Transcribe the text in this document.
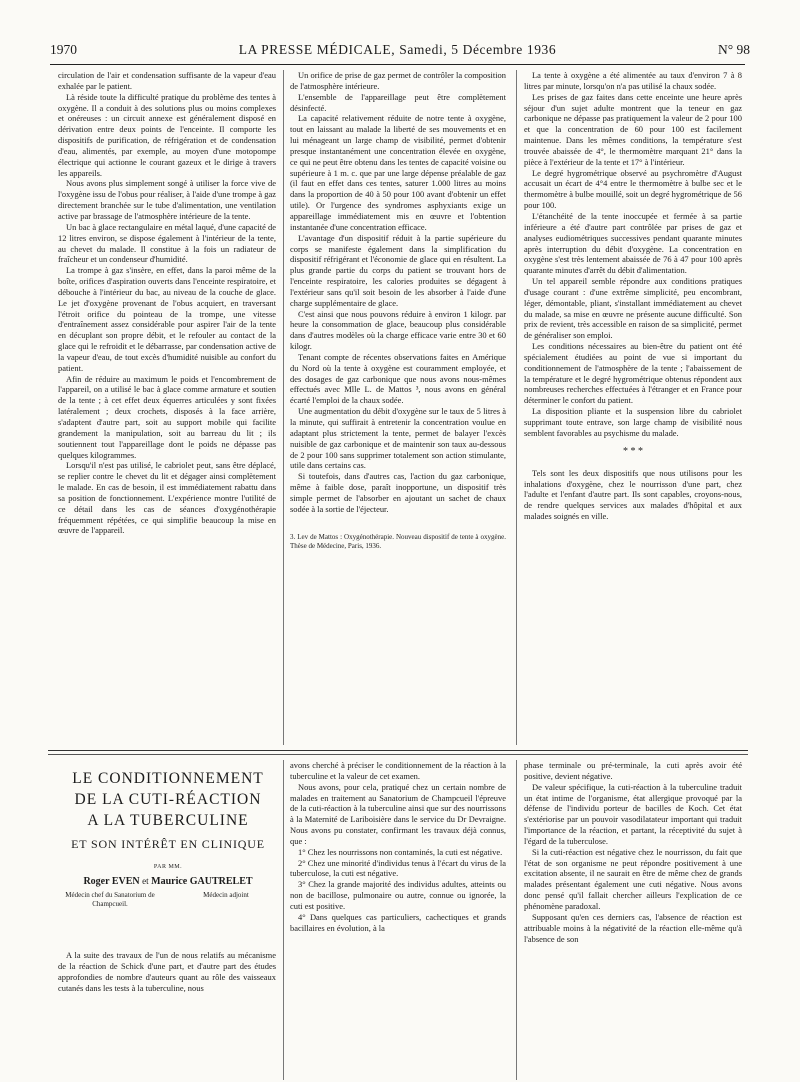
1970	LA PRESSE MÉDICALE, Samedi, 5 Décembre 1936	N° 98

circulation de l'air et condensation suffisante de la vapeur d'eau exhalée par le patient.

Là réside toute la difficulté pratique du problème des tentes à oxygène. Il a conduit à des solutions plus ou moins complexes et onéreuses : un circuit annexe est généralement disposé en dérivation entre deux points de l'enceinte. Il comporte les dispositifs de purification, de réfrigération et de condensation d'eau, alimentés, par exemple, au moyen d'une motopompe électrique qui actionne le courant gazeux et le dirige à travers les appareils.

Nous avons plus simplement songé à utiliser la force vive de l'oxygène issu de l'obus pour réaliser, à l'aide d'une trompe à gaz directement branchée sur le tube d'alimentation, une ventilation active par brassage de l'atmosphère intérieure de la tente.

Un bac à glace rectangulaire en métal laqué, d'une capacité de 12 litres environ, se dispose également à l'intérieur de la tente, au chevet du malade. Il constitue à la fois un radiateur de fraîcheur et un condenseur d'humidité.

La trompe à gaz s'insère, en effet, dans la paroi même de la boîte, orifices d'aspiration ouverts dans l'enceinte respiratoire, et débouche à l'intérieur du bac, au niveau de la couche de glace. Le jet d'oxygène provenant de l'obus acquiert, en traversant l'étroit orifice du pointeau de la trompe, une vitesse d'entraînement assez considérable pour aspirer l'air de la tente en décuplant son propre débit, et le refouler au contact de la glace qui le refroidit et le débarrasse, par condensation active de la vapeur d'eau, de tout excès d'humidité nuisible au confort du patient.

Afin de réduire au maximum le poids et l'encombrement de l'appareil, on a utilisé le bac à glace comme armature et soutien de la tente ; à cet effet deux équerres articulées y sont fixées latéralement ; deux crochets, disposés à la face arrière, s'adaptent d'autre part, soit au support mobile qui facilite grandement la manipulation, soit au barreau du lit ; ils soutiennent tout l'appareillage dont le poids ne dépasse pas quelques kilogrammes.

Lorsqu'il n'est pas utilisé, le cabriolet peut, sans être déplacé, se replier contre le chevet du lit et dégager ainsi complètement le malade. En cas de besoin, il est immédiatement rabattu dans sa position de fonctionnement. L'expérience montre l'utilité de ce détail dans les cas de séances d'oxygénothérapie fréquemment répétées, ce qui simplifie beaucoup la mise en œuvre de l'appareil.

Un orifice de prise de gaz permet de contrôler la composition de l'atmosphère intérieure.

L'ensemble de l'appareillage peut être complètement désinfecté.

La capacité relativement réduite de notre tente à oxygène, tout en laissant au malade la liberté de ses mouvements et en lui ménageant un large champ de visibilité, permet d'obtenir presque instantanément une concentration élevée en oxygène, ce qui ne peut être obtenu dans les tentes de capacité voisine ou supérieure à 1 m. c. que par une large dépense préalable de gaz (il faut en effet dans ces tentes, saturer 1.000 litres au moins dans la proportion de 40 à 50 pour 100 avant d'obtenir un effet utile). Or l'urgence des syndromes asphyxiants exige un appareillage immédiatement mis en œuvre et l'obtention instantanée d'une concentration efficace.

L'avantage d'un dispositif réduit à la partie supérieure du corps se manifeste également dans la simplification du dispositif réfrigérant et l'économie de glace qui en résultent. La plus grande partie du corps du patient se trouvant hors de l'enceinte respiratoire, les calories produites se dégagent à l'extérieur sans qu'il soit besoin de les absorber à l'aide d'une charge supplémentaire de glace.

C'est ainsi que nous pouvons réduire à environ 1 kilogr. par heure la consommation de glace, beaucoup plus considérable dans d'autres modèles où la charge efficace varie entre 30 et 60 kilogr.

Tenant compte de récentes observations faites en Amérique du Nord où la tente à oxygène est couramment employée, et des dosages de gaz carbonique que nous avons nous-mêmes effectués avec Mlle L. de Mattos ³, nous avons en général écarté l'emploi de la chaux sodée.

Une augmentation du débit d'oxygène sur le taux de 5 litres à la minute, qui suffirait à entretenir la concentration voulue en adaptant plus strictement la tente, permet de balayer l'excès nuisible de gaz carbonique et de maintenir son taux au-dessous de 2 pour 100 sans supprimer totalement son action stimulante, utile dans certains cas.

Si toutefois, dans d'autres cas, l'action du gaz carbonique, même à faible dose, paraît inopportune, un dispositif très simple permet de l'absorber en ajoutant un sachet de chaux sodée à la sortie de l'éjecteur.

3. Lev de Mattos : Oxygénothérapie. Nouveau dispositif de tente à oxygène. Thèse de Médecine, Paris, 1936.

La tente à oxygène a été alimentée au taux d'environ 7 à 8 litres par minute, lorsqu'on n'a pas utilisé la chaux sodée.

Les prises de gaz faites dans cette enceinte une heure après séjour d'un sujet adulte montrent que la teneur en gaz carbonique ne dépasse pas pratiquement la valeur de 2 pour 100 et que la concentration de 60 pour 100 est facilement maintenue. Dans les mêmes conditions, la température s'est trouvée abaissée de 4°, le thermomètre marquant 21° dans la pièce à l'extérieur de la tente et 17° à l'intérieur.

Le degré hygrométrique observé au psychromètre d'August accusait un écart de 4°4 entre le thermomètre à bulbe sec et le thermomètre à bulbe mouillé, soit un degré hygrométrique de 56 pour 100.

L'étanchéité de la tente inoccupée et fermée à sa partie inférieure a été d'autre part contrôlée par prises de gaz et analyses eudiométriques successives pendant quarante minutes après interruption du débit d'oxygène. La concentration en oxygène s'est très lentement abaissée de 76 à 47 pour 100 après quarante minutes d'arrêt du débit d'alimentation.

Un tel appareil semble répondre aux conditions pratiques d'usage courant : d'une extrême simplicité, peu encombrant, léger, démontable, pliant, s'installant immédiatement au chevet du malade, sa mise en œuvre ne présente aucune difficulté. Son prix de revient, très accessible en raison de sa simplicité, permet de généraliser son emploi.

Les conditions nécessaires au bien-être du patient ont été spécialement étudiées au point de vue si important du conditionnement de l'atmosphère de la tente ; l'abaissement de la température et le degré hygrométrique obtenus répondent aux nombreuses recherches effectuées à l'étranger et en France pour déterminer le confort du patient.

La disposition pliante et la suspension libre du cabriolet supprimant toute entrave, son large champ de visibilité nous semblent favorables au psychisme du malade.

* * *

Tels sont les deux dispositifs que nous utilisons pour les inhalations d'oxygène, chez le nourrisson d'une part, chez l'adulte et l'enfant d'autre part. Ils sont capables, croyons-nous, de rendre quelques services aux malades d'hôpital et aux malades soignés en ville.

LE CONDITIONNEMENT
DE LA CUTI-RÉACTION
A LA TUBERCULINE
ET SON INTÉRÊT EN CLINIQUE
PAR MM.
Roger EVEN et Maurice GAUTRELET
Médecin chef du Sanatorium de Champcueil.
Médecin adjoint

A la suite des travaux de l'un de nous relatifs au mécanisme de la réaction de Schick d'une part, et d'autre part des études approfondies de nombre d'auteurs quant au rôle des vaisseaux cutanés dans les tests à la tuberculine, nous

avons cherché à préciser le conditionnement de la réaction à la tuberculine et la valeur de cet examen.

Nous avons, pour cela, pratiqué chez un certain nombre de malades en traitement au Sanatorium de Champcueil l'épreuve de la cuti-réaction à la tuberculine ainsi que sur des nourrissons à la Maternité de Lariboisière dans le service du Dr Devraigne. Nous avons pu constater, confirmant les travaux déjà connus, que :

1° Chez les nourrissons non contaminés, la cuti est négative.

2° Chez une minorité d'individus tenus à l'écart du virus de la tuberculose, la cuti est négative.

3° Chez la grande majorité des individus adultes, atteints ou non de bacillose, pulmonaire ou autre, connue ou ignorée, la cuti est positive.

4° Dans quelques cas particuliers, cachectiques et grands bacillaires en évolution, à la

phase terminale ou pré-terminale, la cuti après avoir été positive, devient négative.

De valeur spécifique, la cuti-réaction à la tuberculine traduit un état intime de l'organisme, état allergique provoqué par la défense de l'individu porteur de bacilles de Koch. Cet état s'extériorise par un pouvoir vasodilatateur important qui traduit l'importance de la réaction, et partant, la réceptivité du sujet à l'égard de la tuberculose.

Si la cuti-réaction est négative chez le nourrisson, du fait que l'état de son organisme ne peut répondre positivement à une excitation absente, il ne saurait en être de même chez de grands malades présentant également une cuti négative. Nous avons donc pensé qu'il fallait chercher ailleurs l'explication de ce phénomène paradoxal.

Supposant qu'en ces derniers cas, l'absence de réaction est attribuable moins à la négativité de la réaction elle-même qu'à l'absence de son
